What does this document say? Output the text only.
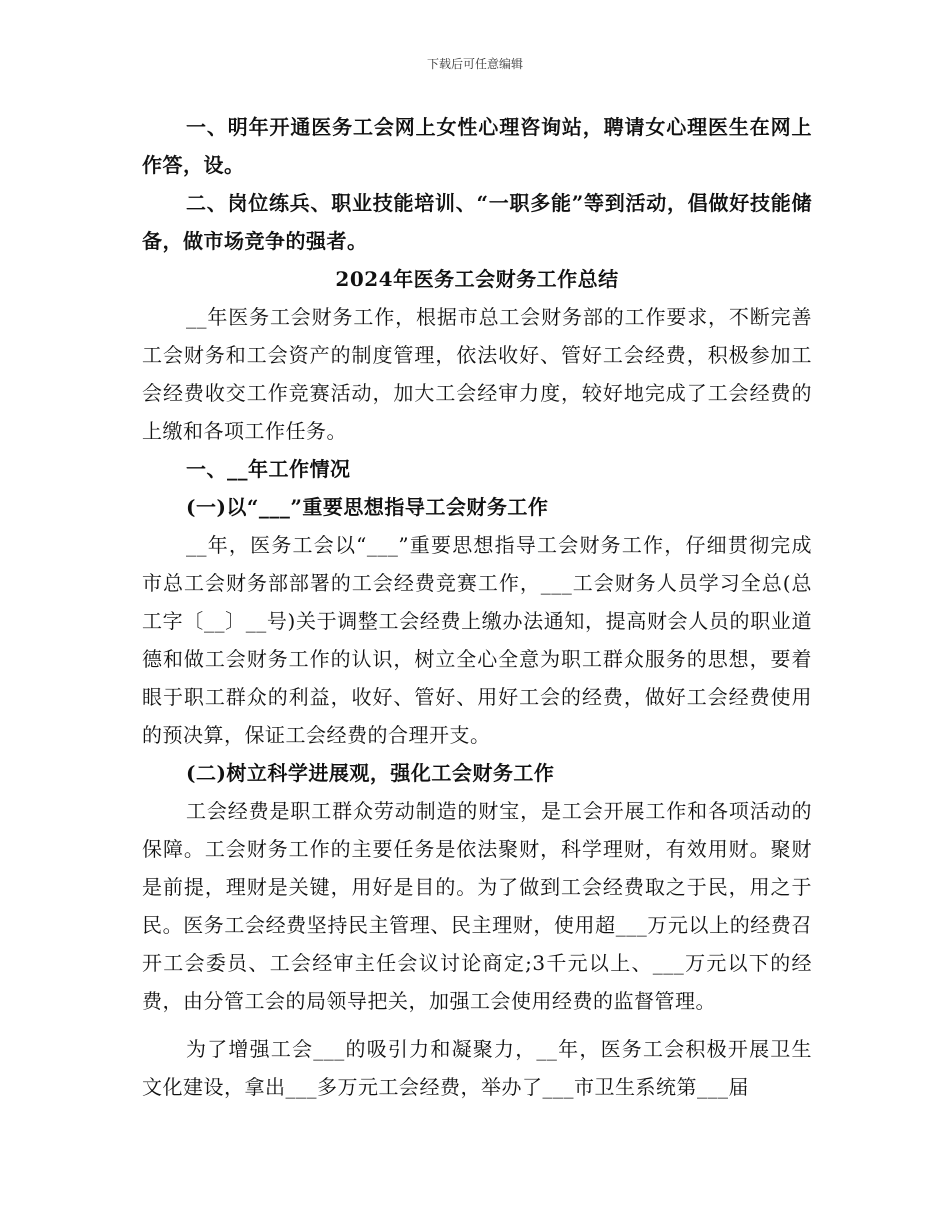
下载后可任意编辑

一、明年开通医务工会网上女性心理咨询站，聘请女心理医生在网上作答，设。

二、岗位练兵、职业技能培训、“一职多能”等到活动，倡做好技能储备，做市场竞争的强者。

2024年医务工会财务工作总结

__年医务工会财务工作，根据市总工会财务部的工作要求，不断完善工会财务和工会资产的制度管理，依法收好、管好工会经费，积极参加工会经费收交工作竞赛活动，加大工会经审力度，较好地完成了工会经费的上缴和各项工作任务。

一、__年工作情况

(一)以“___”重要思想指导工会财务工作

__年，医务工会以“___”重要思想指导工会财务工作，仔细贯彻完成市总工会财务部部署的工会经费竞赛工作，___工会财务人员学习全总(总工字〔__〕__号)关于调整工会经费上缴办法通知，提高财会人员的职业道德和做工会财务工作的认识，树立全心全意为职工群众服务的思想，要着眼于职工群众的利益，收好、管好、用好工会的经费，做好工会经费使用的预决算，保证工会经费的合理开支。

(二)树立科学进展观，强化工会财务工作

工会经费是职工群众劳动制造的财宝，是工会开展工作和各项活动的保障。工会财务工作的主要任务是依法聚财，科学理财，有效用财。聚财是前提，理财是关键，用好是目的。为了做到工会经费取之于民，用之于民。医务工会经费坚持民主管理、民主理财，使用超___万元以上的经费召开工会委员、工会经审主任会议讨论商定;3千元以上、___万元以下的经费，由分管工会的局领导把关，加强工会使用经费的监督管理。

为了增强工会___的吸引力和凝聚力，__年，医务工会积极开展卫生文化建设，拿出___多万元工会经费，举办了___市卫生系统第___届
